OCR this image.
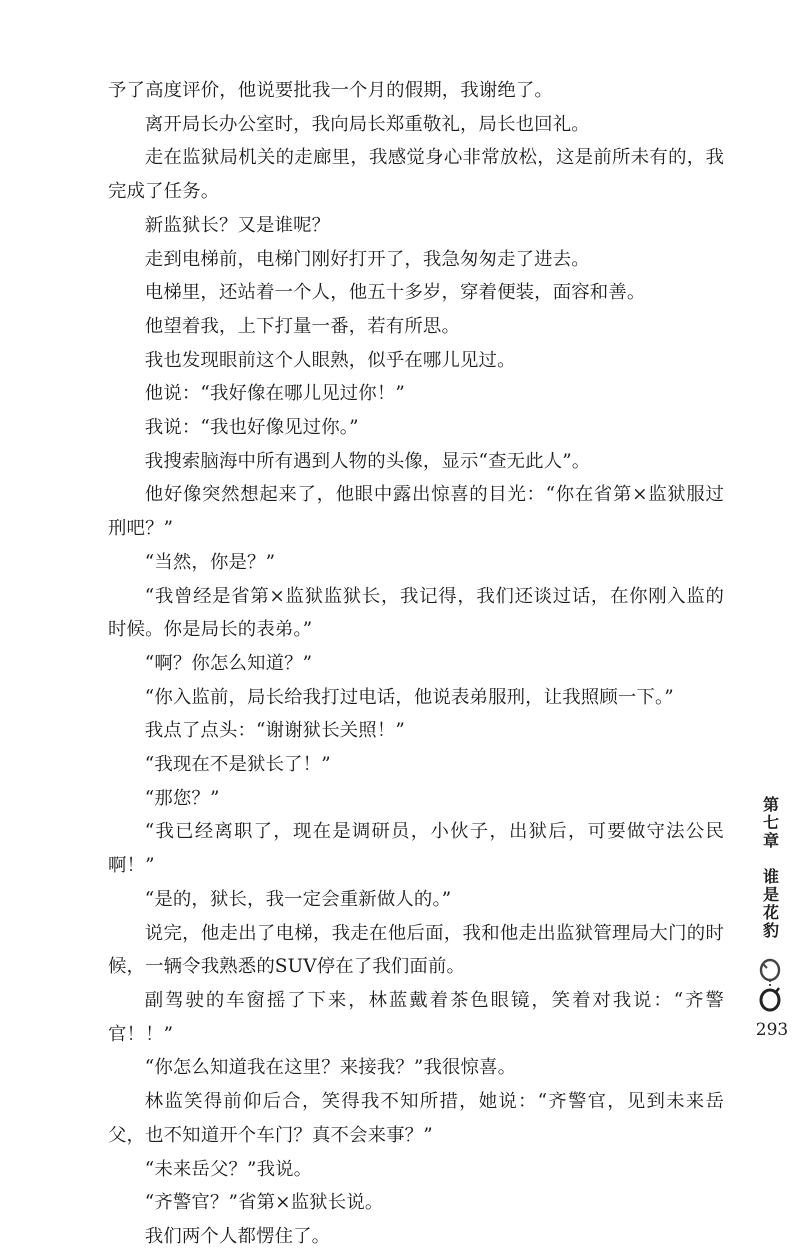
予了高度评价，他说要批我一个月的假期，我谢绝了。

离开局长办公室时，我向局长郑重敬礼，局长也回礼。

走在监狱局机关的走廊里，我感觉身心非常放松，这是前所未有的，我完成了任务。

新监狱长？又是谁呢？

走到电梯前，电梯门刚好打开了，我急匆匆走了进去。

电梯里，还站着一个人，他五十多岁，穿着便装，面容和善。

他望着我，上下打量一番，若有所思。

我也发现眼前这个人眼熟，似乎在哪儿见过。

他说：“我好像在哪儿见过你！”

我说：“我也好像见过你。”

我搜索脑海中所有遇到人物的头像，显示“查无此人”。

他好像突然想起来了，他眼中露出惊喜的目光：“你在省第×监狱服过刑吧？”

“当然，你是？”

“我曾经是省第×监狱监狱长，我记得，我们还谈过话，在你刚入监的时候。你是局长的表弟。”

“啊？你怎么知道？”

“你入监前，局长给我打过电话，他说表弟服刑，让我照顾一下。”

我点了点头：“谢谢狱长关照！”

“我现在不是狱长了！”

“那您？”

“我已经离职了，现在是调研员，小伙子，出狱后，可要做守法公民啊！”

“是的，狱长，我一定会重新做人的。”

说完，他走出了电梯，我走在他后面，我和他走出监狱管理局大门的时候，一辆令我熟悉的SUV停在了我们面前。

副驾驶的车窗摇了下来，林蓝戴着茶色眼镜，笑着对我说：“齐警官！！”

“你怎么知道我在这里？来接我？”我很惊喜。

林监笑得前仰后合，笑得我不知所措，她说：“齐警官，见到未来岳父，也不知道开个车门？真不会来事？”

“未来岳父？”我说。

“齐警官？”省第×监狱长说。

我们两个人都愣住了。

第七章　谁是花豹
293
